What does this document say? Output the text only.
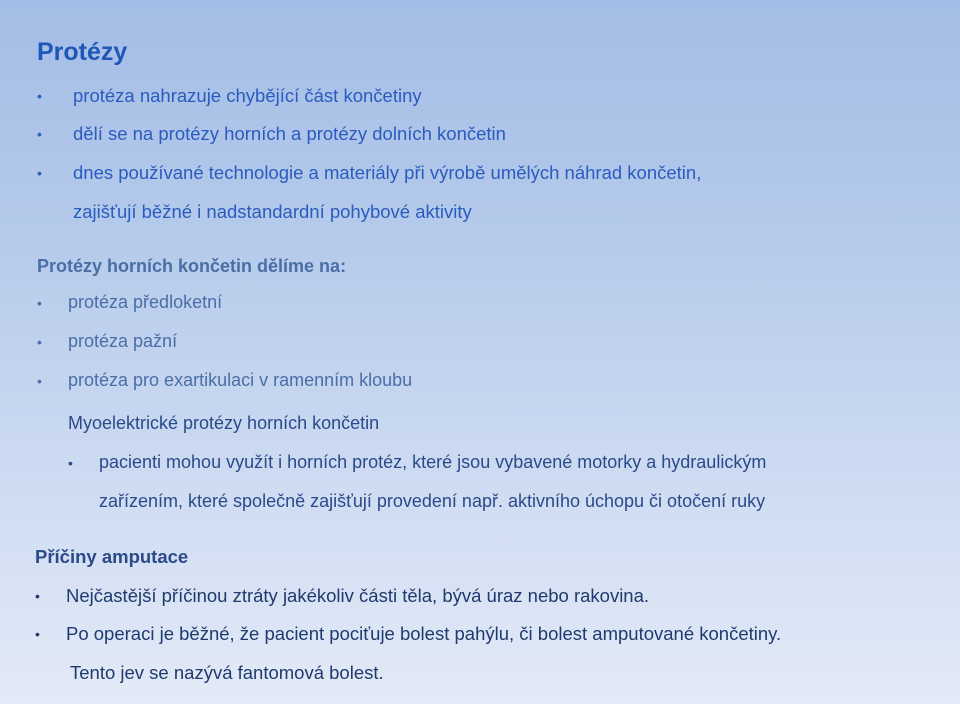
Protézy
• protéza nahrazuje chybějící část končetiny
• dělí se na protézy horních a protézy dolních končetin
• dnes používané technologie a materiály při výrobě umělých náhrad končetin,
zajišťují běžné i nadstandardní pohybové aktivity
Protézy horních končetin dělíme na:
• protéza předloketní
• protéza pažní
• protéza pro exartikulaci v ramenním kloubu
Myoelektrické protézy horních končetin
• pacienti mohou využít i horních protéz, které jsou vybavené motorky a hydraulickým
zařízením, které společně zajišťují provedení např. aktivního úchopu či otočení ruky
Příčiny amputace
• Nejčastější příčinou ztráty jakékoliv části těla, bývá úraz nebo rakovina.
• Po operaci je běžné, že pacient pociťuje bolest pahýlu, či bolest amputované končetiny.
Tento jev se nazývá fantomová bolest.
